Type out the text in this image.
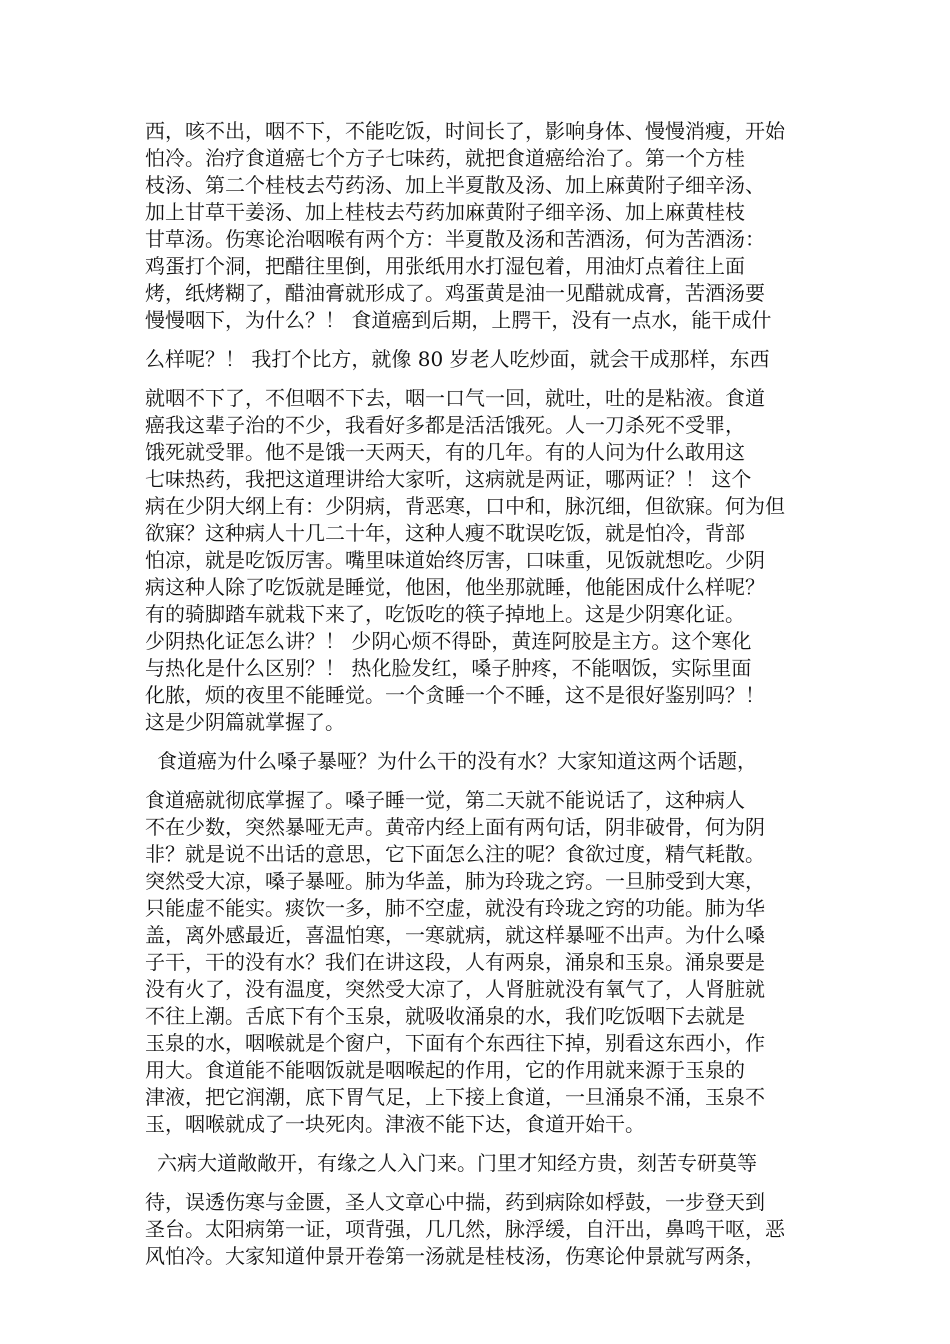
西，咳不出，咽不下，不能吃饭，时间长了，影响身体、慢慢消瘦，开始
怕冷。治疗食道癌七个方子七味药，就把食道癌给治了。第一个方桂
枝汤、第二个桂枝去芍药汤、加上半夏散及汤、加上麻黄附子细辛汤、
加上甘草干姜汤、加上桂枝去芍药加麻黄附子细辛汤、加上麻黄桂枝
甘草汤。伤寒论治咽喉有两个方：半夏散及汤和苦酒汤，何为苦酒汤：
鸡蛋打个洞，把醋往里倒，用张纸用水打湿包着，用油灯点着往上面
烤，纸烤糊了，醋油膏就形成了。鸡蛋黄是油一见醋就成膏，苦酒汤要
慢慢咽下，为什么？！ 食道癌到后期，上腭干，没有一点水，能干成什
么样呢？！ 我打个比方，就像 80 岁老人吃炒面，就会干成那样，东西
就咽不下了，不但咽不下去，咽一口气一回，就吐，吐的是粘液。食道
癌我这辈子治的不少，我看好多都是活活饿死。人一刀杀死不受罪，
饿死就受罪。他不是饿一天两天，有的几年。有的人问为什么敢用这
七味热药，我把这道理讲给大家听，这病就是两证，哪两证？！ 这个
病在少阴大纲上有：少阴病，背恶寒，口中和，脉沉细，但欲寐。何为但
欲寐？这种病人十几二十年，这种人瘦不耽误吃饭，就是怕冷，背部
怕凉，就是吃饭厉害。嘴里味道始终厉害，口味重，见饭就想吃。少阴
病这种人除了吃饭就是睡觉，他困，他坐那就睡，他能困成什么样呢？
有的骑脚踏车就栽下来了，吃饭吃的筷子掉地上。这是少阴寒化证。
少阴热化证怎么讲？！ 少阴心烦不得卧，黄连阿胶是主方。这个寒化
与热化是什么区别？！ 热化脸发红，嗓子肿疼，不能咽饭，实际里面
化脓，烦的夜里不能睡觉。一个贪睡一个不睡，这不是很好鉴别吗？！
这是少阴篇就掌握了。
食道癌为什么嗓子暴哑？为什么干的没有水？大家知道这两个话题，
食道癌就彻底掌握了。嗓子睡一觉，第二天就不能说话了，这种病人
不在少数，突然暴哑无声。黄帝内经上面有两句话，阴非破骨，何为阴
非？就是说不出话的意思，它下面怎么注的呢？食欲过度，精气耗散。
突然受大凉，嗓子暴哑。肺为华盖，肺为玲珑之窍。一旦肺受到大寒，
只能虚不能实。痰饮一多，肺不空虚，就没有玲珑之窍的功能。肺为华
盖，离外感最近，喜温怕寒，一寒就病，就这样暴哑不出声。为什么嗓
子干，干的没有水？我们在讲这段，人有两泉，涌泉和玉泉。涌泉要是
没有火了，没有温度，突然受大凉了，人肾脏就没有氧气了，人肾脏就
不往上潮。舌底下有个玉泉，就吸收涌泉的水，我们吃饭咽下去就是
玉泉的水，咽喉就是个窗户，下面有个东西往下掉，别看这东西小，作
用大。食道能不能咽饭就是咽喉起的作用，它的作用就来源于玉泉的
津液，把它润潮，底下胃气足，上下接上食道，一旦涌泉不涌，玉泉不
玉，咽喉就成了一块死肉。津液不能下达，食道开始干。
六病大道敞敞开，有缘之人入门来。门里才知经方贵，刻苦专研莫等
待，误透伤寒与金匮，圣人文章心中揣，药到病除如桴鼓，一步登天到
圣台。太阳病第一证，项背强，几几然，脉浮缓，自汗出，鼻鸣干呕，恶
风怕冷。大家知道仲景开卷第一汤就是桂枝汤，伤寒论仲景就写两条，
